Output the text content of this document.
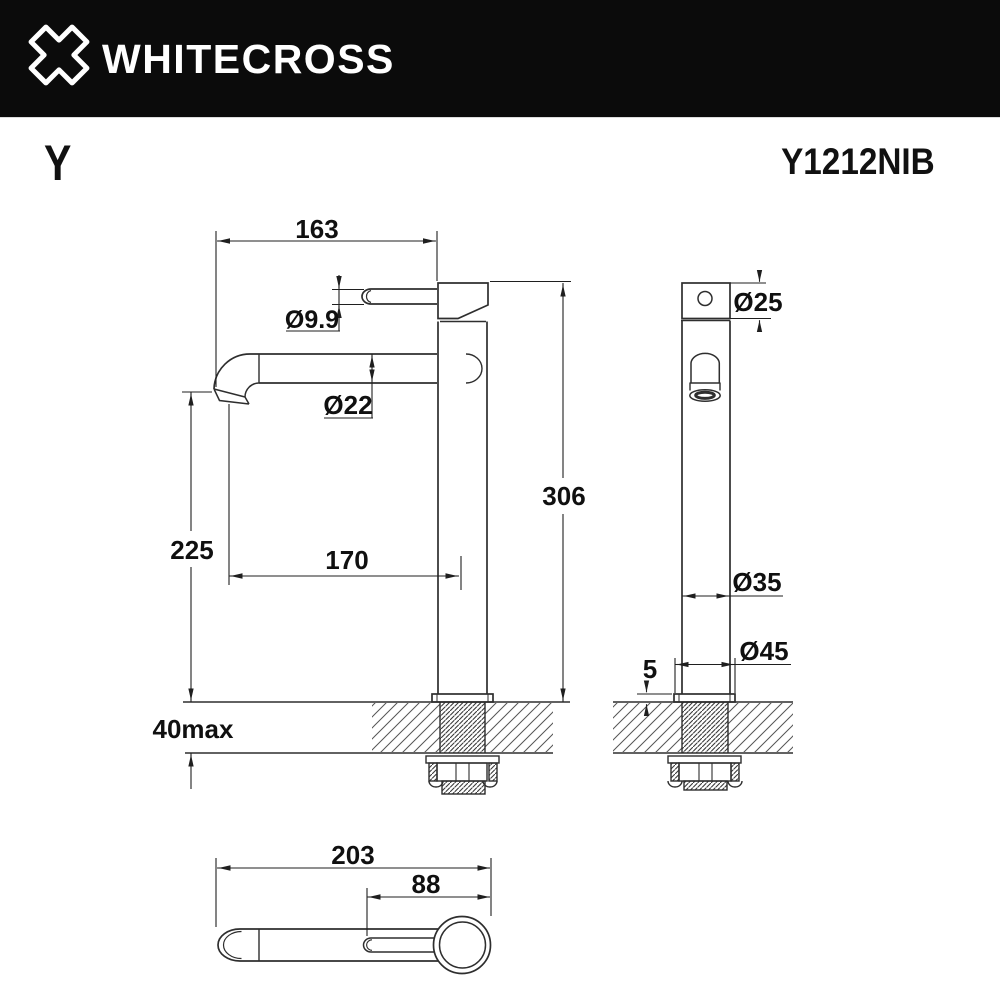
WHITECROSS
Y	Y1212NIB
163
Ø9.9
Ø22
306
225	170
40max
Ø25
Ø35
Ø45
5
203
88
